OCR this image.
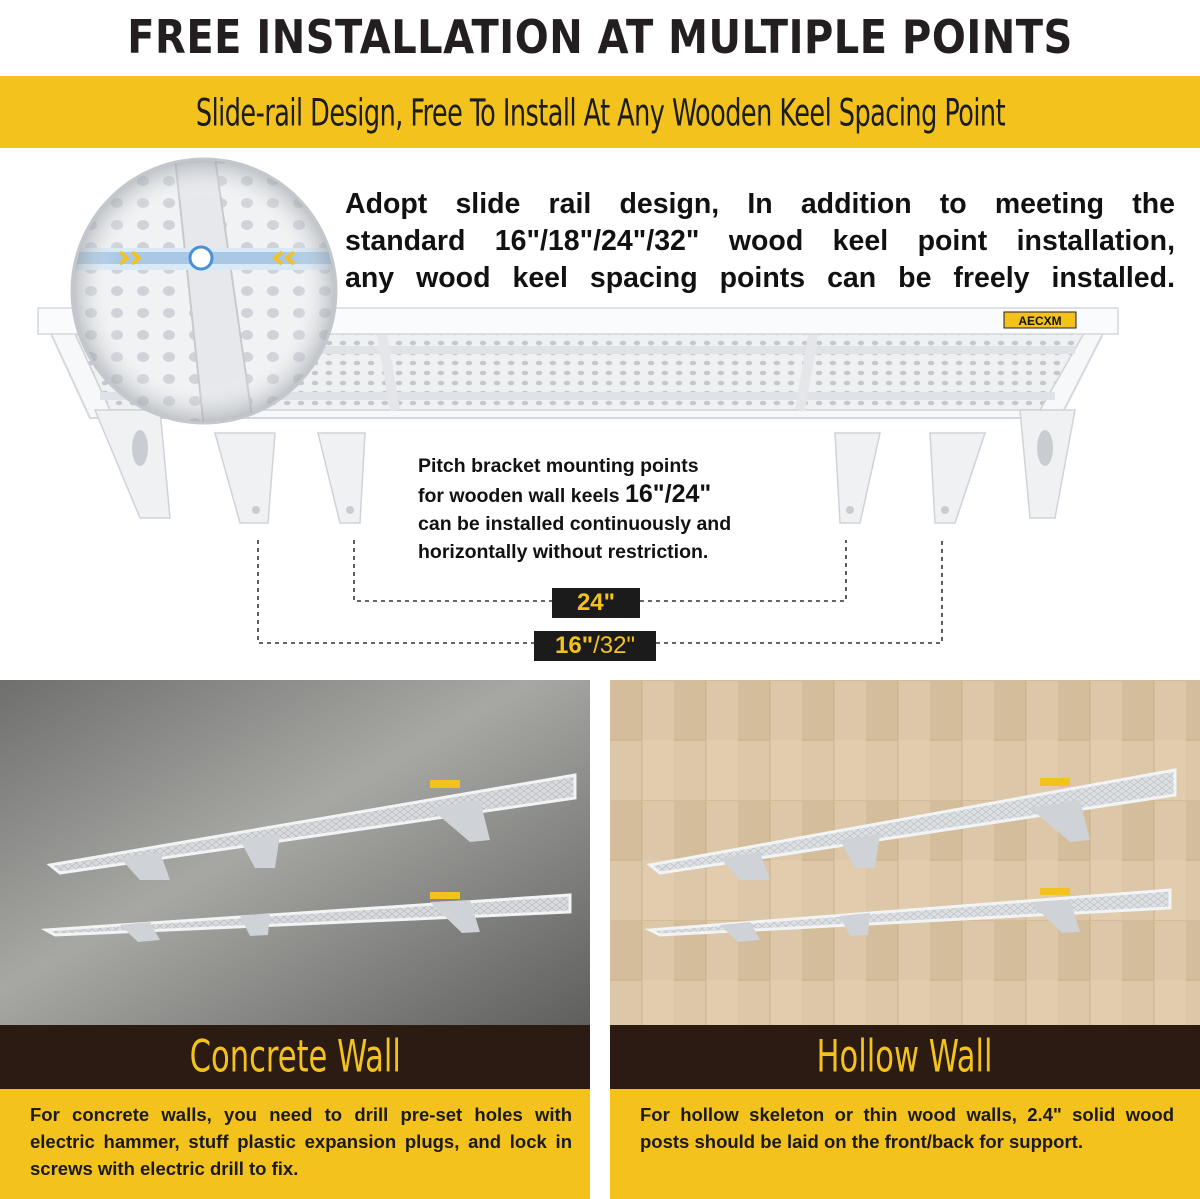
FREE INSTALLATION AT MULTIPLE POINTS
Slide-rail Design, Free To Install At Any Wooden Keel Spacing Point
AECXM
Adopt slide rail design, In addition to meeting the
standard 16"/18"/24"/32" wood keel point installation,
any wood keel spacing points can be freely installed.
Pitch bracket mounting points
for wooden wall keels 16"/24"
can be installed continuously and
horizontally without restriction.
24"
16" /32"
Concrete Wall
For concrete walls, you need to drill pre-set holes with electric hammer, stuff plastic expansion plugs, and lock in screws with electric drill to fix.
Hollow Wall
For hollow skeleton or thin wood walls, 2.4" solid wood posts should be laid on the front/back for support.
